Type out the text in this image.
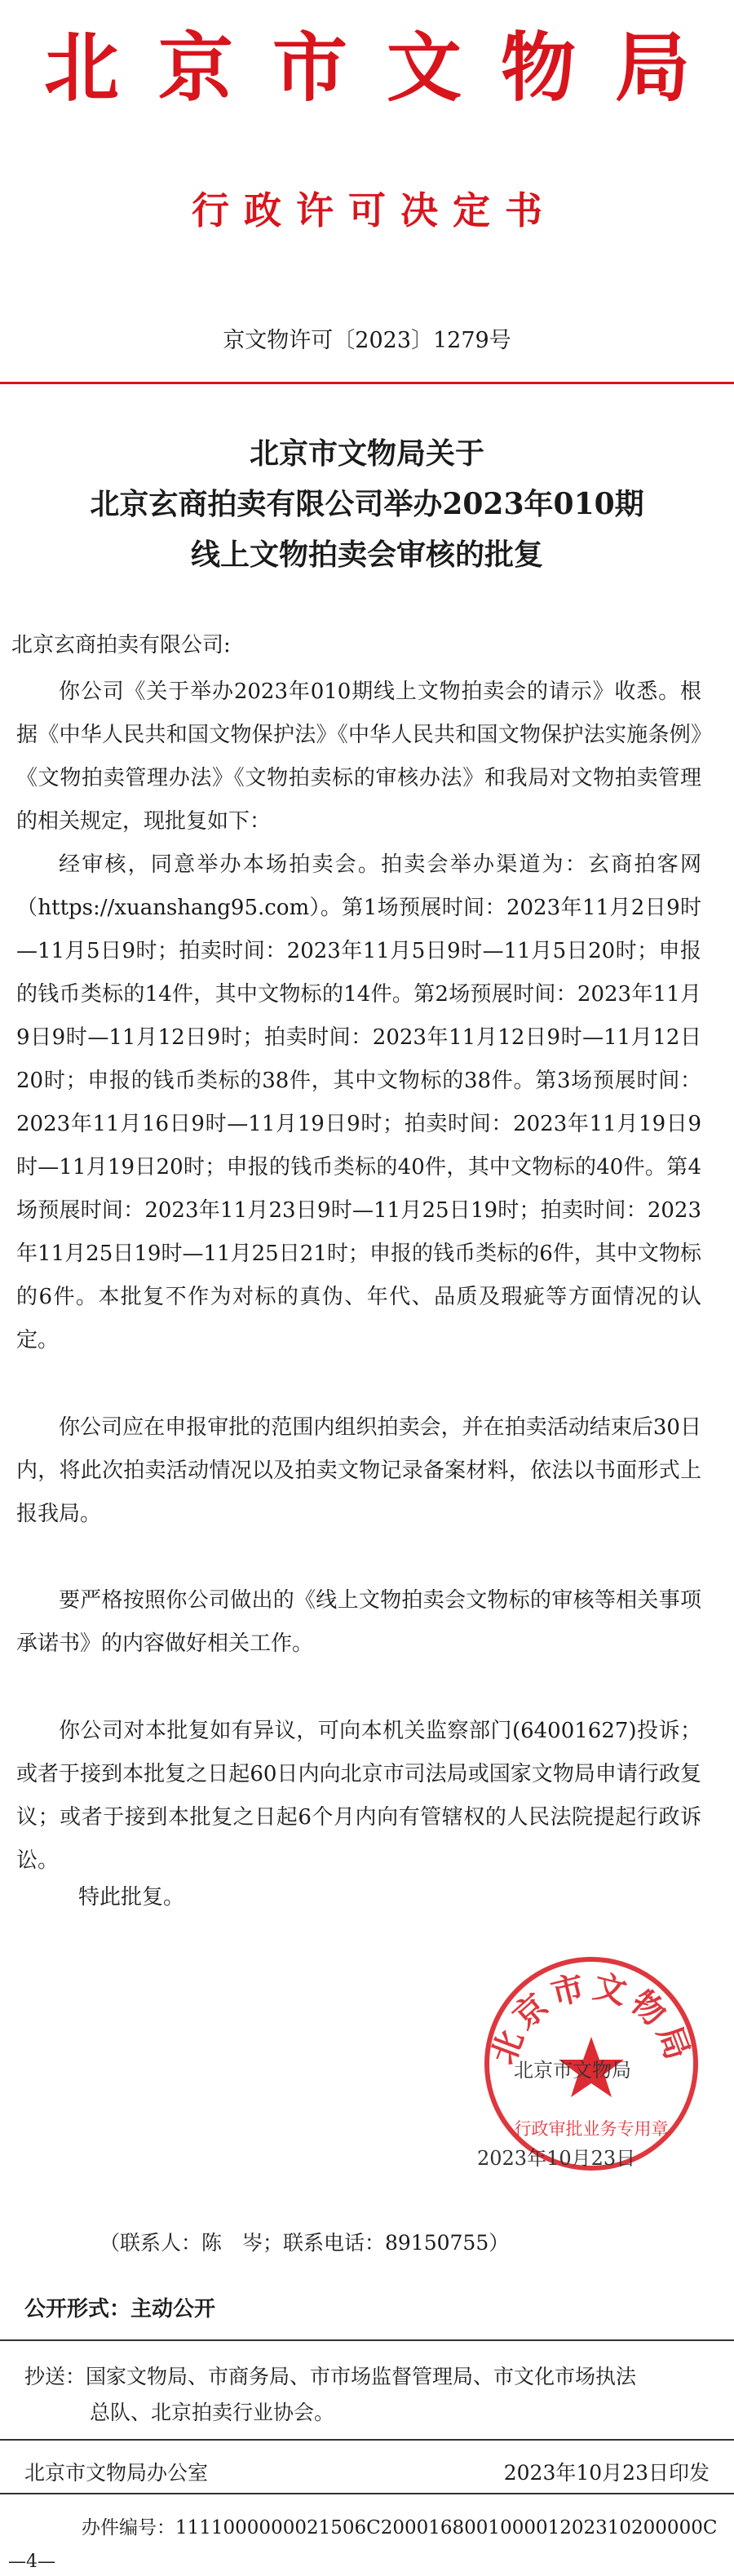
北京市文物局
行政许可决定书
京文物许可〔2023〕1279号
北京市文物局关于
北京玄商拍卖有限公司举办2023年010期
线上文物拍卖会审核的批复
北京玄商拍卖有限公司:
你公司《关于举办2023年010期线上文物拍卖会的请示》收悉。根据《中华人民共和国文物保护法》《中华人民共和国文物保护法实施条例》《文物拍卖管理办法》《文物拍卖标的审核办法》和我局对文物拍卖管理的相关规定，现批复如下：
经审核，同意举办本场拍卖会。拍卖会举办渠道为：玄商拍客网（https://xuanshang95.com）。第1场预展时间：2023年11月2日9时—11月5日9时；拍卖时间：2023年11月5日9时—11月5日20时；申报的钱币类标的14件，其中文物标的14件。第2场预展时间：2023年11月9日9时—11月12日9时；拍卖时间：2023年11月12日9时—11月12日20时；申报的钱币类标的38件，其中文物标的38件。第3场预展时间：2023年11月16日9时—11月19日9时；拍卖时间：2023年11月19日9时—11月19日20时；申报的钱币类标的40件，其中文物标的40件。第4场预展时间：2023年11月23日9时—11月25日19时；拍卖时间：2023年11月25日19时—11月25日21时；申报的钱币类标的6件，其中文物标的6件。本批复不作为对标的真伪、年代、品质及瑕疵等方面情况的认定。
你公司应在申报审批的范围内组织拍卖会，并在拍卖活动结束后30日内，将此次拍卖活动情况以及拍卖文物记录备案材料，依法以书面形式上报我局。
要严格按照你公司做出的《线上文物拍卖会文物标的审核等相关事项承诺书》的内容做好相关工作。
你公司对本批复如有异议，可向本机关监察部门(64001627)投诉；或者于接到本批复之日起60日内向北京市司法局或国家文物局申请行政复议；或者于接到本批复之日起6个月内向有管辖权的人民法院提起行政诉讼。
特此批复。
北京市文物局
行政审批业务专用章
北京市文物局
2023年10月23日
（联系人：陈　岑；联系电话：89150755）
公开形式：主动公开
抄送：国家文物局、市商务局、市市场监督管理局、市文化市场执法
总队、北京拍卖行业协会。
北京市文物局办公室	2023年10月23日印发
办件编号：1111000000021506C200016800100001202310200000C
—4—
